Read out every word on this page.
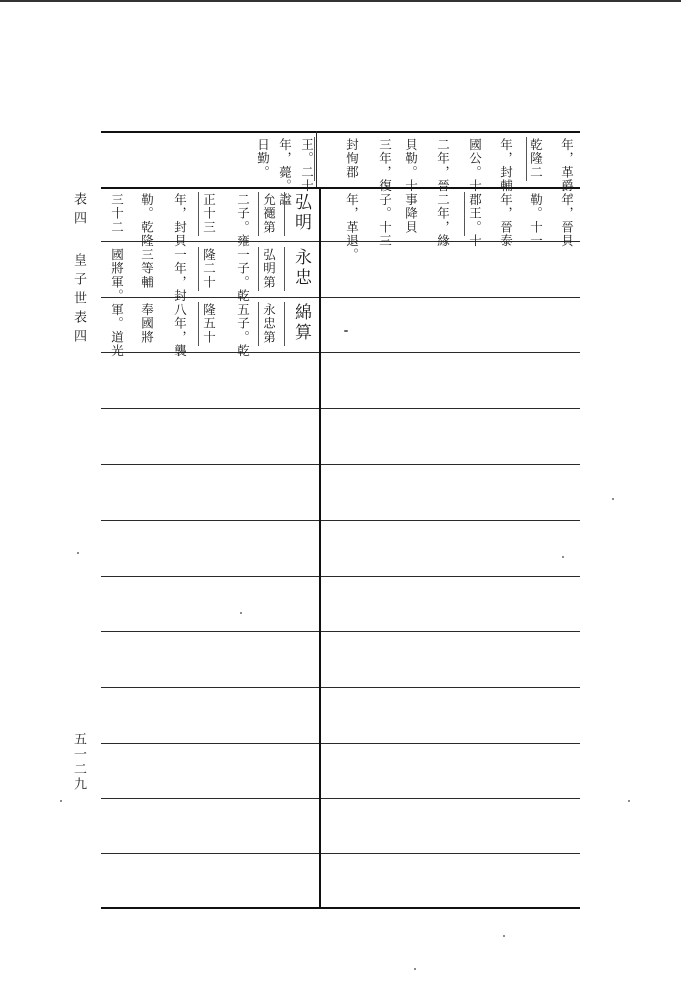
表四
皇子世表四
五一二九
日勤。 年，薨。諡 王。二十 封恂郡 三年，復 貝勒。十 二年，晉 國公。十 年，封輔 乾隆二 年，革爵。
年，革退。 子。十三 事降貝 二年，緣 郡王。十 年，晉泰 勒。十一 年，晉貝
弘明
允禵第
二子。雍
正十三
年，封貝
勒。乾隆
三十二
永忠
弘明第
一子。乾
隆二十
一年，封
三等輔
國將軍。
綿算
永忠第
五子。乾
隆五十
八年，襲
奉國將
軍。道光
